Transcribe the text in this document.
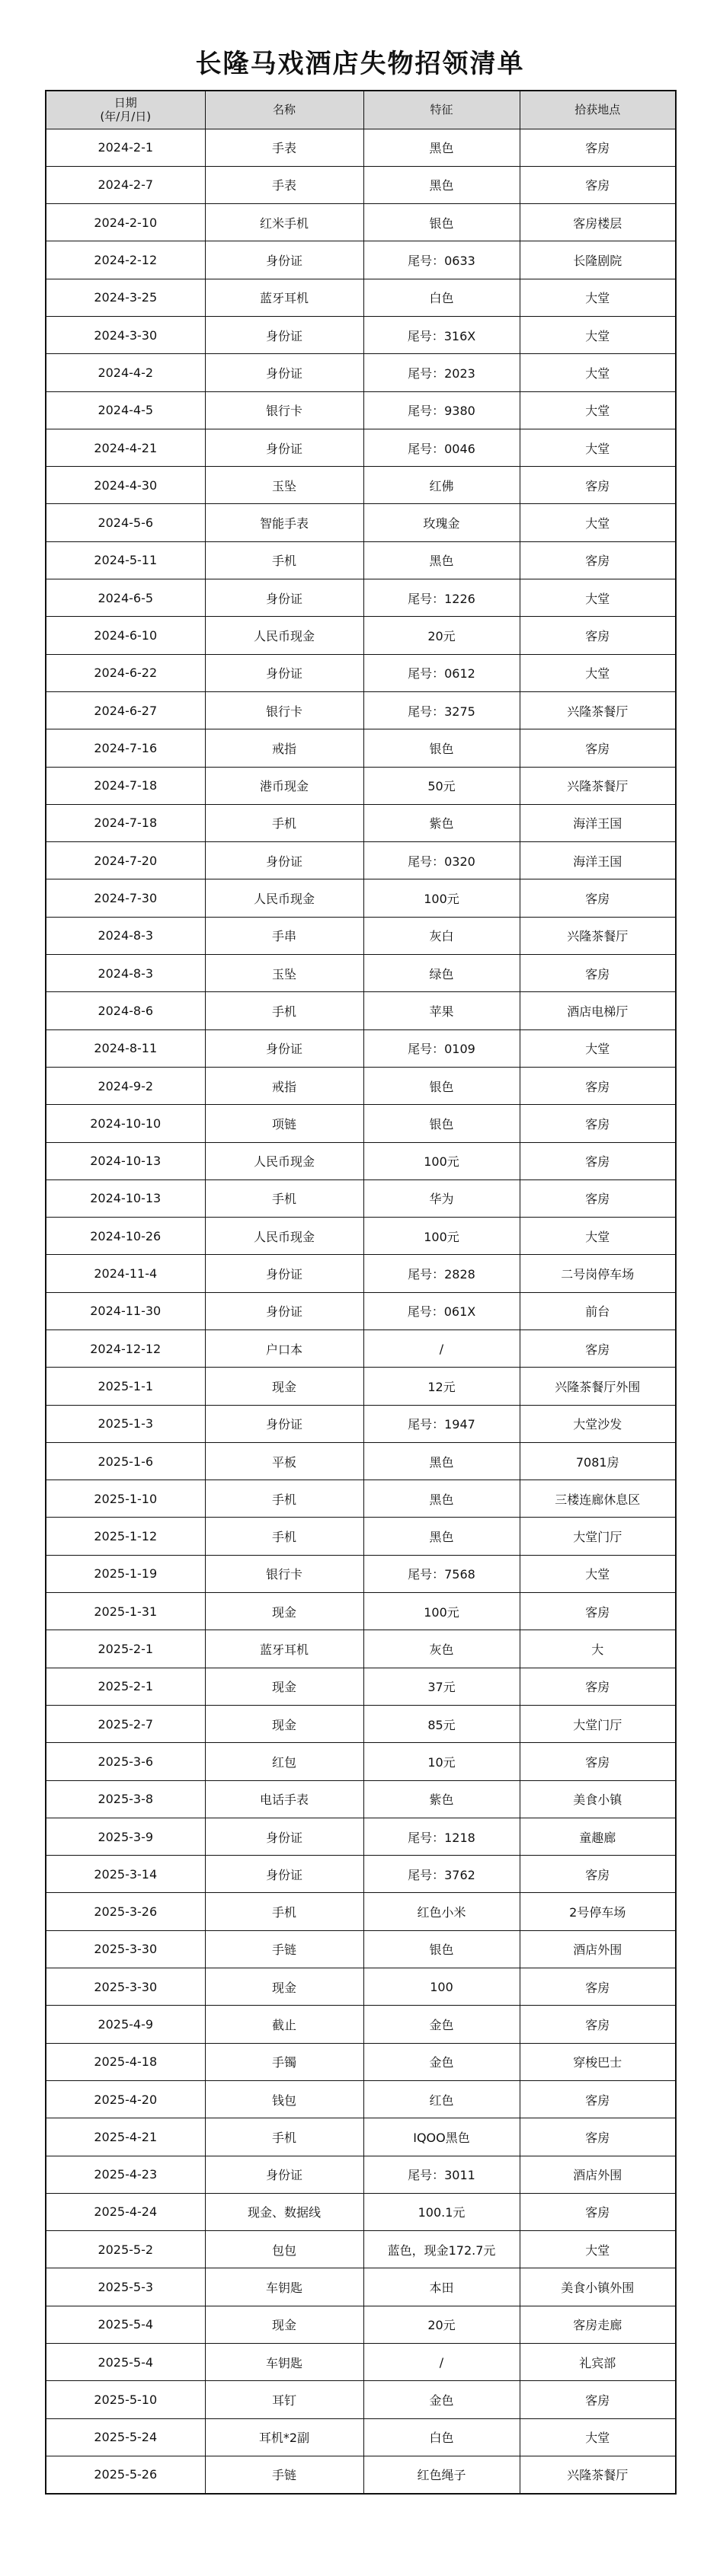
长隆马戏酒店失物招领清单
日期
(年/月/日)	名称	特征	拾获地点
2024-2-1	手表	黑色	客房
2024-2-7	手表	黑色	客房
2024-2-10	红米手机	银色	客房楼层
2024-2-12	身份证	尾号：0633	长隆剧院
2024-3-25	蓝牙耳机	白色	大堂
2024-3-30	身份证	尾号：316X	大堂
2024-4-2	身份证	尾号：2023	大堂
2024-4-5	银行卡	尾号：9380	大堂
2024-4-21	身份证	尾号：0046	大堂
2024-4-30	玉坠	红佛	客房
2024-5-6	智能手表	玫瑰金	大堂
2024-5-11	手机	黑色	客房
2024-6-5	身份证	尾号：1226	大堂
2024-6-10	人民币现金	20元	客房
2024-6-22	身份证	尾号：0612	大堂
2024-6-27	银行卡	尾号：3275	兴隆茶餐厅
2024-7-16	戒指	银色	客房
2024-7-18	港币现金	50元	兴隆茶餐厅
2024-7-18	手机	紫色	海洋王国
2024-7-20	身份证	尾号：0320	海洋王国
2024-7-30	人民币现金	100元	客房
2024-8-3	手串	灰白	兴隆茶餐厅
2024-8-3	玉坠	绿色	客房
2024-8-6	手机	苹果	酒店电梯厅
2024-8-11	身份证	尾号：0109	大堂
2024-9-2	戒指	银色	客房
2024-10-10	项链	银色	客房
2024-10-13	人民币现金	100元	客房
2024-10-13	手机	华为	客房
2024-10-26	人民币现金	100元	大堂
2024-11-4	身份证	尾号：2828	二号岗停车场
2024-11-30	身份证	尾号：061X	前台
2024-12-12	户口本	/	客房
2025-1-1	现金	12元	兴隆茶餐厅外围
2025-1-3	身份证	尾号：1947	大堂沙发
2025-1-6	平板	黑色	7081房
2025-1-10	手机	黑色	三楼连廊休息区
2025-1-12	手机	黑色	大堂门厅
2025-1-19	银行卡	尾号：7568	大堂
2025-1-31	现金	100元	客房
2025-2-1	蓝牙耳机	灰色	大
2025-2-1	现金	37元	客房
2025-2-7	现金	85元	大堂门厅
2025-3-6	红包	10元	客房
2025-3-8	电话手表	紫色	美食小镇
2025-3-9	身份证	尾号：1218	童趣廊
2025-3-14	身份证	尾号：3762	客房
2025-3-26	手机	红色小米	2号停车场
2025-3-30	手链	银色	酒店外围
2025-3-30	现金	100	客房
2025-4-9	截止	金色	客房
2025-4-18	手镯	金色	穿梭巴士
2025-4-20	钱包	红色	客房
2025-4-21	手机	IQOO黑色	客房
2025-4-23	身份证	尾号：3011	酒店外围
2025-4-24	现金、数据线	100.1元	客房
2025-5-2	包包	蓝色，现金172.7元	大堂
2025-5-3	车钥匙	本田	美食小镇外围
2025-5-4	现金	20元	客房走廊
2025-5-4	车钥匙	/	礼宾部
2025-5-10	耳钉	金色	客房
2025-5-24	耳机*2副	白色	大堂
2025-5-26	手链	红色绳子	兴隆茶餐厅
